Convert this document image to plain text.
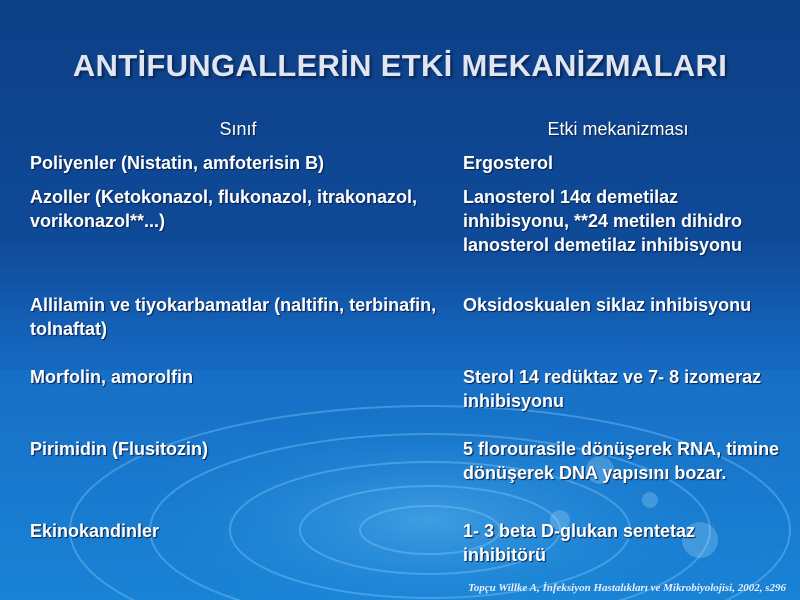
ANTİFUNGALLERİN ETKİ MEKANİZMALARI
Sınıf	Etki mekanizması
Poliyenler (Nistatin, amfoterisin B)	Ergosterol
Azoller (Ketokonazol, flukonazol, itrakonazol, vorikonazol**...)	Lanosterol 14α demetilaz inhibisyonu, **24 metilen dihidro lanosterol demetilaz inhibisyonu
Allilamin ve tiyokarbamatlar (naltifin, terbinafin, tolnaftat)	Oksidoskualen siklaz inhibisyonu
Morfolin, amorolfin	Sterol 14 redüktaz ve 7- 8 izomeraz inhibisyonu
Pirimidin (Flusitozin)	5 florourasile dönüşerek RNA, timine dönüşerek DNA yapısını bozar.
Ekinokandinler	1- 3 beta D-glukan sentetaz inhibitörü
Topçu Willke A, İnfeksiyon Hastalıkları ve Mikrobiyolojisi, 2002, s296
